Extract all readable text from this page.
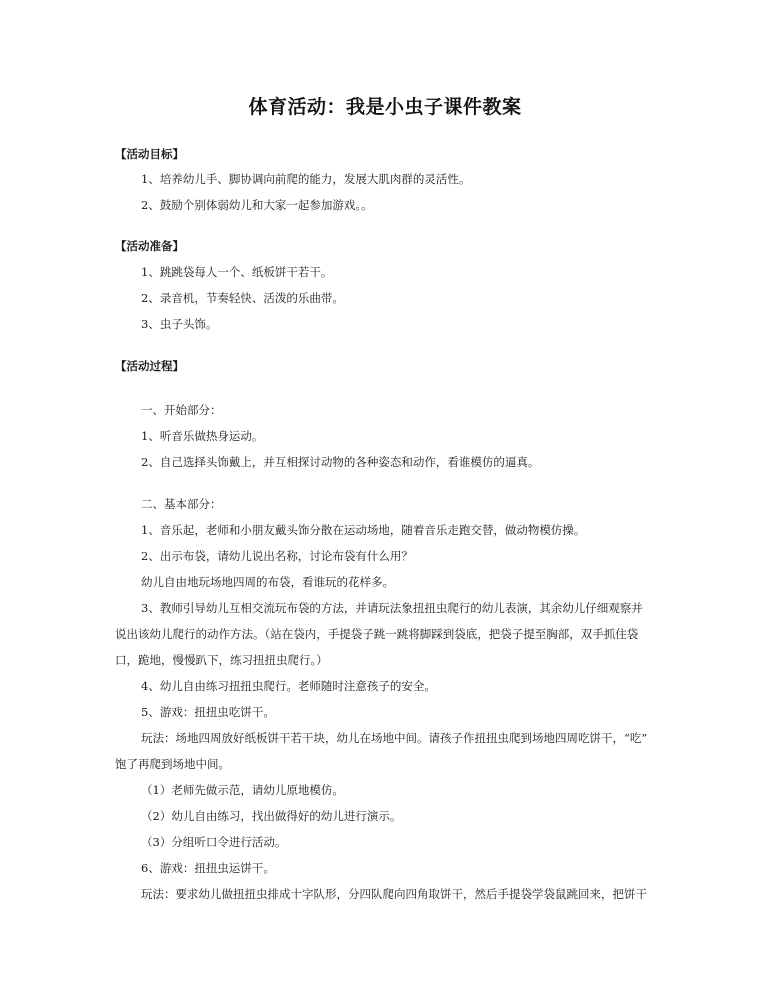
体育活动：我是小虫子课件教案
【活动目标】
1、培养幼儿手、脚协调向前爬的能力，发展大肌肉群的灵活性。
2、鼓励个别体弱幼儿和大家一起参加游戏。。
【活动准备】
1、跳跳袋每人一个、纸板饼干若干。
2、录音机，节奏轻快、活泼的乐曲带。
3、虫子头饰。
【活动过程】
一、开始部分：
1、听音乐做热身运动。
2、自己选择头饰戴上，并互相探讨动物的各种姿态和动作，看谁模仿的逼真。
二、基本部分：
1、音乐起，老师和小朋友戴头饰分散在运动场地，随着音乐走跑交替，做动物模仿操。
2、出示布袋，请幼儿说出名称，讨论布袋有什么用？
幼儿自由地玩场地四周的布袋，看谁玩的花样多。
3、教师引导幼儿互相交流玩布袋的方法，并请玩法象扭扭虫爬行的幼儿表演，其余幼儿仔细观察并
说出该幼儿爬行的动作方法。（站在袋内，手提袋子跳一跳将脚踩到袋底，把袋子提至胸部，双手抓住袋
口，跪地，慢慢趴下，练习扭扭虫爬行。）
4、幼儿自由练习扭扭虫爬行。老师随时注意孩子的安全。
5、游戏：扭扭虫吃饼干。
玩法：场地四周放好纸板饼干若干块，幼儿在场地中间。请孩子作扭扭虫爬到场地四周吃饼干，“吃”
饱了再爬到场地中间。
（1）老师先做示范，请幼儿原地模仿。
（2）幼儿自由练习，找出做得好的幼儿进行演示。
（3）分组听口令进行活动。
6、游戏：扭扭虫运饼干。
玩法：要求幼儿做扭扭虫排成十字队形，分四队爬向四角取饼干，然后手提袋学袋鼠跳回来，把饼干
